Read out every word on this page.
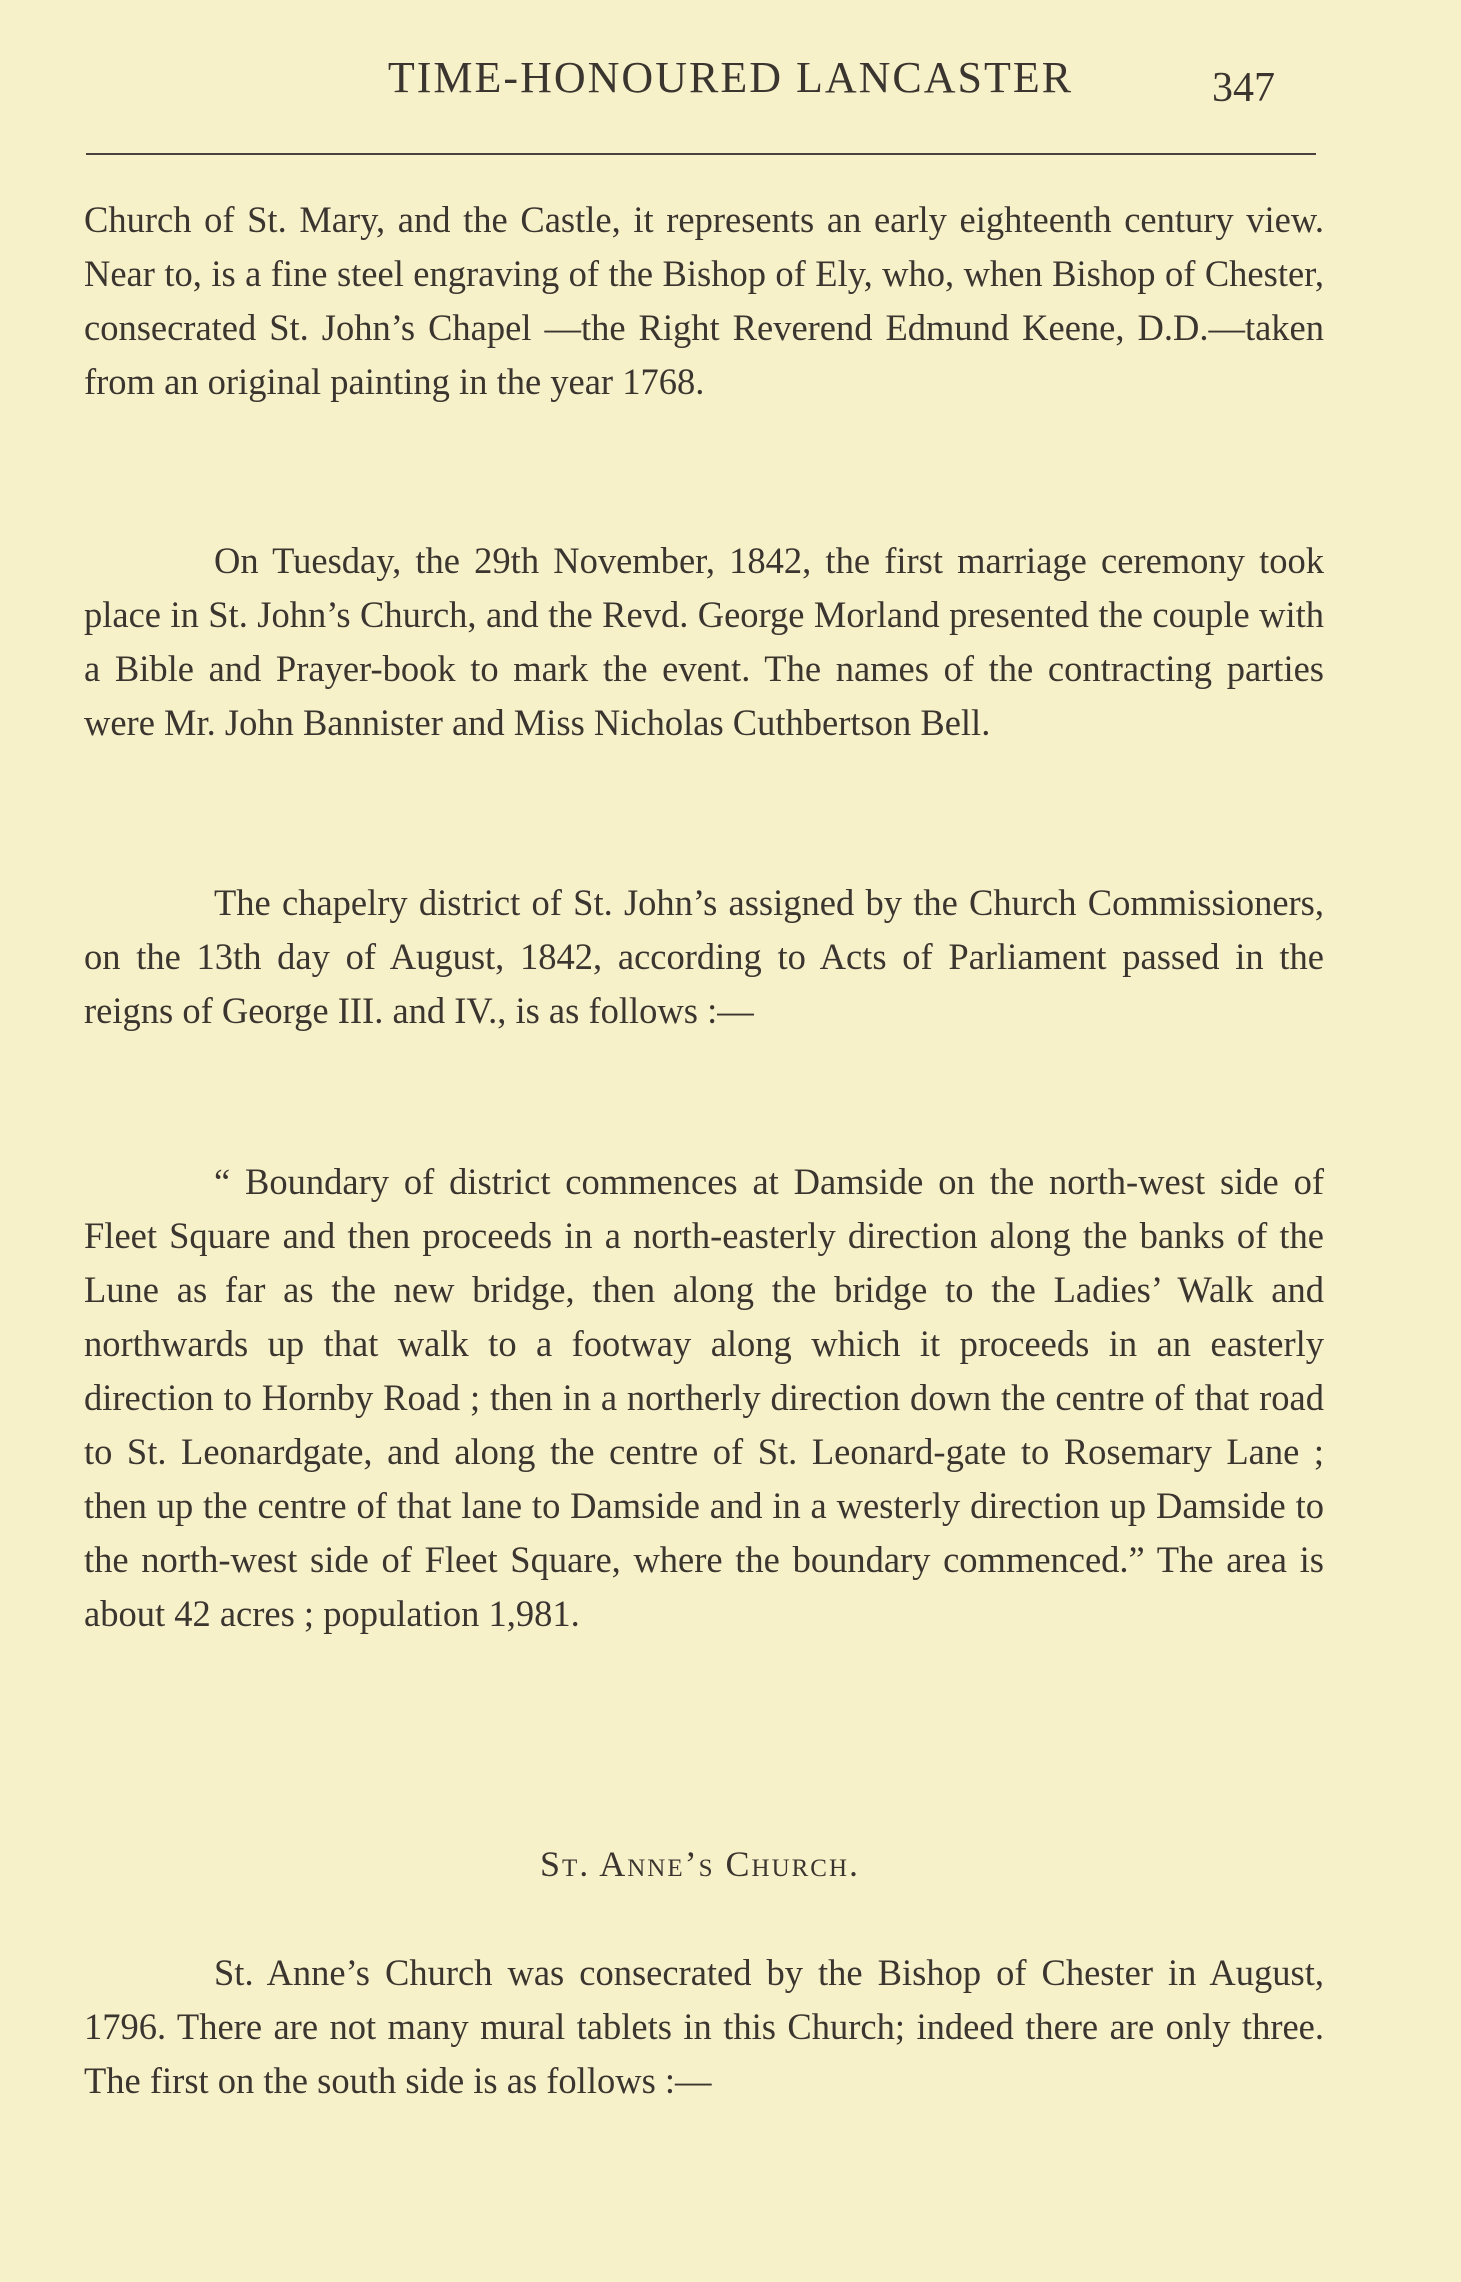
TIME-HONOURED LANCASTER	347

Church of St. Mary, and the Castle, it represents an early eighteenth century view. Near to, is a fine steel engraving of the Bishop of Ely, who, when Bishop of Chester, consecrated St. John’s Chapel —the Right Reverend Edmund Keene, D.D.—taken from an original painting in the year 1768.

On Tuesday, the 29th November, 1842, the first marriage ceremony took place in St. John’s Church, and the Revd. George Morland presented the couple with a Bible and Prayer-book to mark the event. The names of the contracting parties were Mr. John Bannister and Miss Nicholas Cuthbertson Bell.

The chapelry district of St. John’s assigned by the Church Commissioners, on the 13th day of August, 1842, according to Acts of Parliament passed in the reigns of George III. and IV., is as follows :—

“ Boundary of district commences at Damside on the north-west side of Fleet Square and then proceeds in a north-easterly direction along the banks of the Lune as far as the new bridge, then along the bridge to the Ladies’ Walk and northwards up that walk to a footway along which it proceeds in an easterly direction to Hornby Road ; then in a northerly direction down the centre of that road to St. Leonardgate, and along the centre of St. Leonard-gate to Rosemary Lane ; then up the centre of that lane to Damside and in a westerly direction up Damside to the north-west side of Fleet Square, where the boundary commenced.” The area is about 42 acres ; population 1,981.

St. Anne’s Church.

St. Anne’s Church was consecrated by the Bishop of Chester in August, 1796. There are not many mural tablets in this Church; indeed there are only three. The first on the south side is as follows :—
